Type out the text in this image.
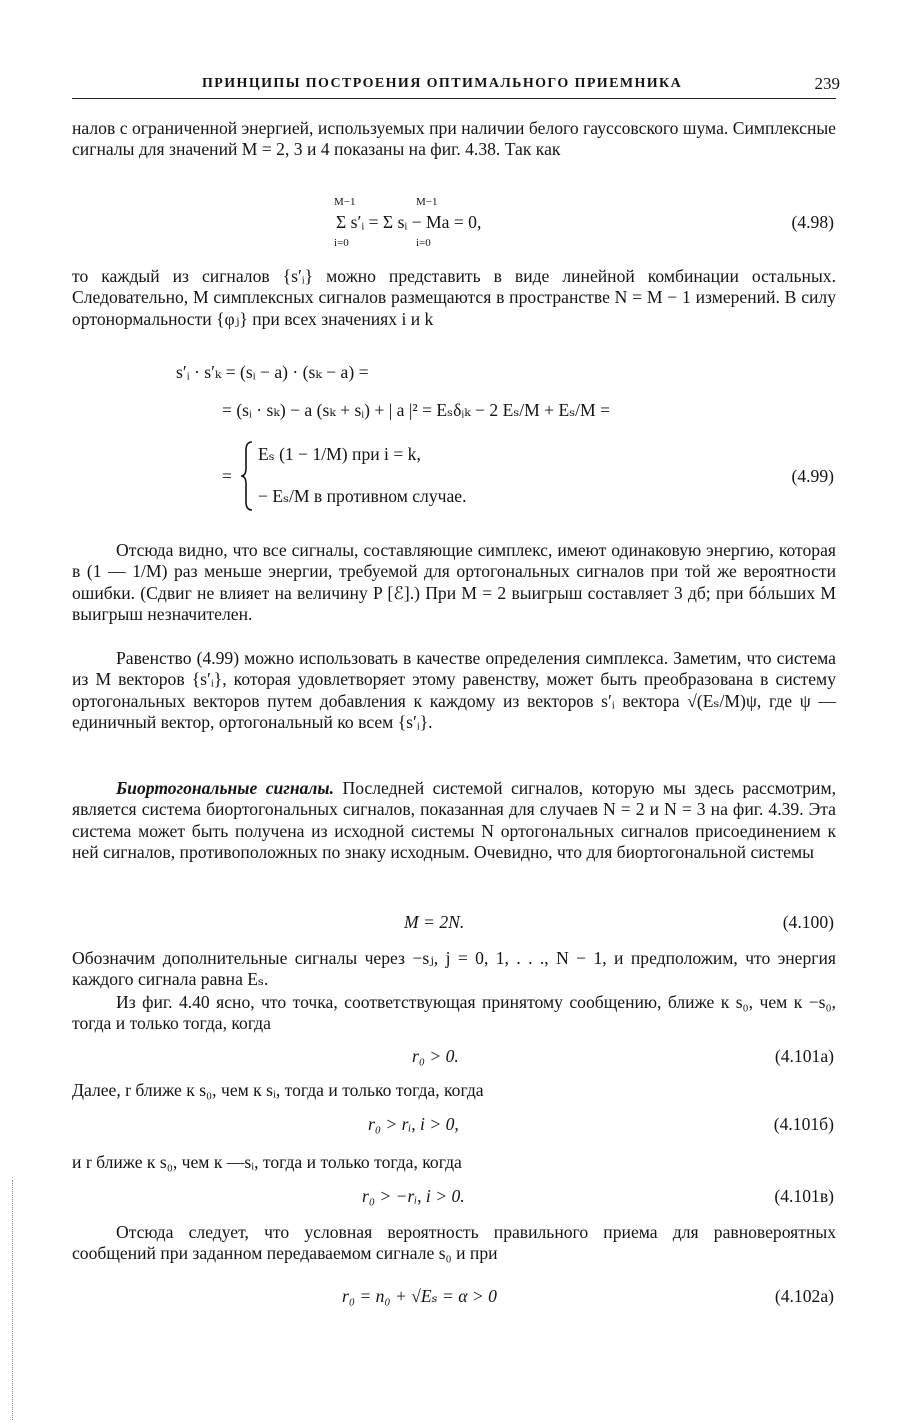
ПРИНЦИПЫ ПОСТРОЕНИЯ ОПТИМАЛЬНОГО ПРИЕМНИКА	239

налов с ограниченной энергией, используемых при наличии белого гауссовского шума. Симплексные сигналы для значений M = 2, 3 и 4 показаны на фиг. 4.38. Так как

M−1
i=0
M−1
i=0
Σ s′ᵢ = Σ sᵢ − Ma = 0,	(4.98)

то каждый из сигналов {s′ᵢ} можно представить в виде линейной комбинации остальных. Следовательно, M симплексных сигналов размещаются в пространстве N = M − 1 измерений. В силу ортонормальности {φⱼ} при всех значениях i и k

s′ᵢ · s′ₖ = (sᵢ − a) · (sₖ − a) =
= (sᵢ · sₖ) − a (sₖ + sᵢ) + | a |² = Eₛδᵢₖ − 2 Eₛ/M + Eₛ/M =
=
Eₛ (1 − 1/M) при i = k,
− Eₛ/M в противном случае.
(4.99)

Отсюда видно, что все сигналы, составляющие симплекс, имеют одинаковую энергию, которая в (1 — 1/M) раз меньше энергии, требуемой для ортогональных сигналов при той же вероятности ошибки. (Сдвиг не влияет на величину P [ℰ].) При M = 2 выигрыш составляет 3 дб; при бóльших M выигрыш незначителен.

Равенство (4.99) можно использовать в качестве определения симплекса. Заметим, что система из M векторов {s′ᵢ}, которая удовлетворяет этому равенству, может быть преобразована в систему ортогональных векторов путем добавления к каждому из векторов s′ᵢ вектора √(Eₛ/M)ψ, где ψ — единичный вектор, ортогональный ко всем {s′ᵢ}.

Биортогональные сигналы. Последней системой сигналов, которую мы здесь рассмотрим, является система биортогональных сигналов, показанная для случаев N = 2 и N = 3 на фиг. 4.39. Эта система может быть получена из исходной системы N ортогональных сигналов присоединением к ней сигналов, противоположных по знаку исходным. Очевидно, что для биортогональной системы

M = 2N.	(4.100)

Обозначим дополнительные сигналы через −sⱼ, j = 0, 1, . . ., N − 1, и предположим, что энергия каждого сигнала равна Eₛ.

Из фиг. 4.40 ясно, что точка, соответствующая принятому сообщению, ближе к s₀, чем к −s₀, тогда и только тогда, когда

r₀ > 0.	(4.101а)

Далее, r ближе к s₀, чем к sᵢ, тогда и только тогда, когда

r₀ > rᵢ, i > 0,	(4.101б)

и r ближе к s₀, чем к —sᵢ, тогда и только тогда, когда

r₀ > −rᵢ, i > 0.	(4.101в)

Отсюда следует, что условная вероятность правильного приема для равновероятных сообщений при заданном передаваемом сигнале s₀ и при

r₀ = n₀ + √Eₛ = α > 0	(4.102а)
